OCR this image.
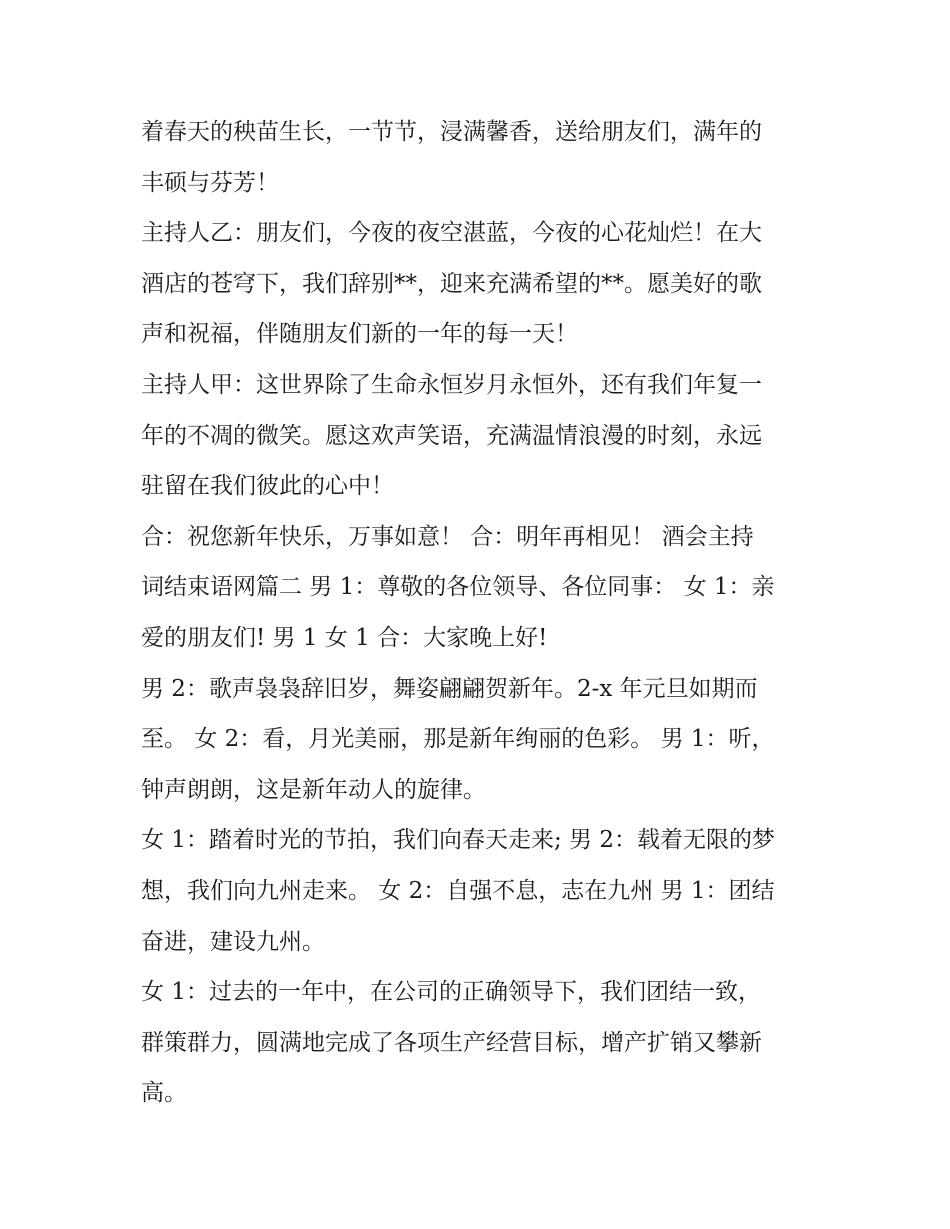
着春天的秧苗生长，一节节，浸满馨香，送给朋友们，满年的
丰硕与芬芳！

主持人乙：朋友们，今夜的夜空湛蓝，今夜的心花灿烂！在大
酒店的苍穹下，我们辞别**，迎来充满希望的**。愿美好的歌
声和祝福，伴随朋友们新的一年的每一天！

主持人甲：这世界除了生命永恒岁月永恒外，还有我们年复一
年的不凋的微笑。愿这欢声笑语，充满温情浪漫的时刻，永远
驻留在我们彼此的心中！

合：祝您新年快乐，万事如意！ 合：明年再相见！ 酒会主持
词结束语网篇二 男 1：尊敬的各位领导、各位同事： 女 1：亲
爱的朋友们! 男 1 女 1 合：大家晚上好!

男 2：歌声袅袅辞旧岁，舞姿翩翩贺新年。2-x 年元旦如期而
至。 女 2：看，月光美丽，那是新年绚丽的色彩。 男 1：听，
钟声朗朗，这是新年动人的旋律。

女 1：踏着时光的节拍，我们向春天走来; 男 2：载着无限的梦
想，我们向九州走来。 女 2：自强不息，志在九州 男 1：团结
奋进，建设九州。

女 1：过去的一年中，在公司的正确领导下，我们团结一致，
群策群力，圆满地完成了各项生产经营目标，增产扩销又攀新
高。
